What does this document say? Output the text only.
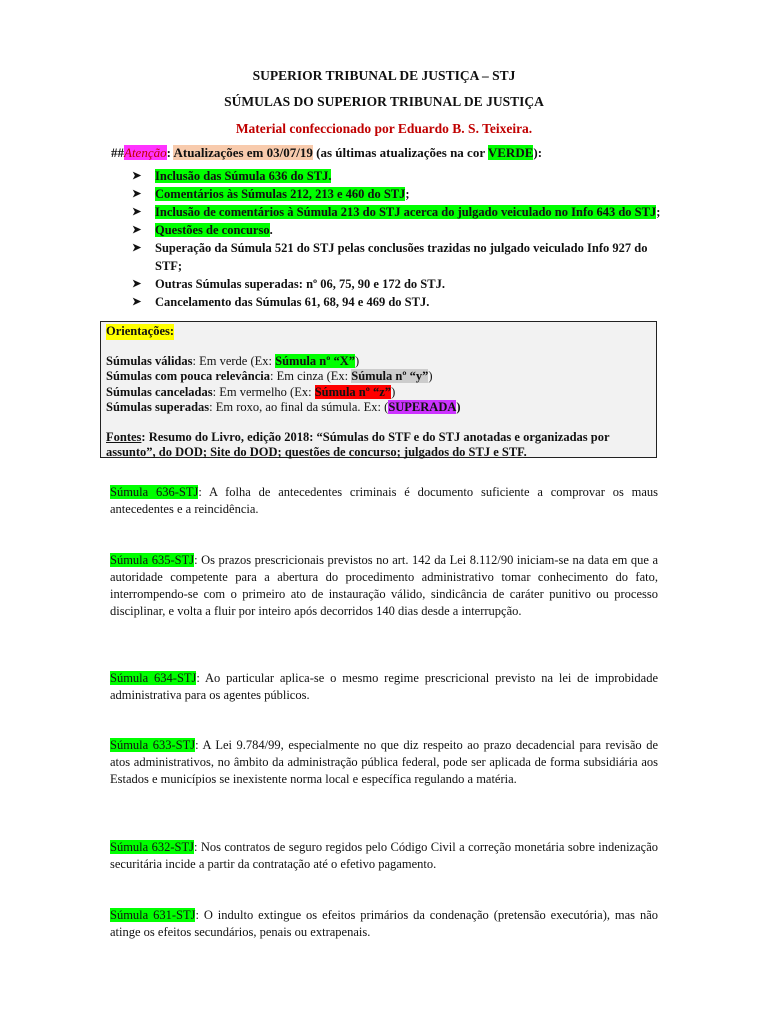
SUPERIOR TRIBUNAL DE JUSTIÇA – STJ
SÚMULAS DO SUPERIOR TRIBUNAL DE JUSTIÇA
Material confeccionado por Eduardo B. S. Teixeira.
##Atenção: Atualizações em 03/07/19 (as últimas atualizações na cor VERDE):
➤ Inclusão das Súmula 636 do STJ.
➤ Comentários às Súmulas 212, 213 e 460 do STJ;
➤ Inclusão de comentários à Súmula 213 do STJ acerca do julgado veiculado no Info 643 do STJ;
➤ Questões de concurso.
➤ Superação da Súmula 521 do STJ pelas conclusões trazidas no julgado veiculado Info 927 do STF;
➤ Outras Súmulas superadas: nº 06, 75, 90 e 172 do STJ.
➤ Cancelamento das Súmulas 61, 68, 94 e 469 do STJ.
Orientações:

Súmulas válidas: Em verde (Ex: Súmula nº “X”)
Súmulas com pouca relevância: Em cinza (Ex: Súmula nº “y”)
Súmulas canceladas: Em vermelho (Ex: Súmula nº “z”)
Súmulas superadas: Em roxo, ao final da súmula. Ex: (SUPERADA)
Fontes: Resumo do Livro, edição 2018: “Súmulas do STF e do STJ anotadas e organizadas por assunto”, do DOD; Site do DOD; questões de concurso; julgados do STJ e STF.
Súmula 636-STJ: A folha de antecedentes criminais é documento suficiente a comprovar os maus antecedentes e a reincidência.
Súmula 635-STJ: Os prazos prescricionais previstos no art. 142 da Lei 8.112/90 iniciam-se na data em que a autoridade competente para a abertura do procedimento administrativo tomar conhecimento do fato, interrompendo-se com o primeiro ato de instauração válido, sindicância de caráter punitivo ou processo disciplinar, e volta a fluir por inteiro após decorridos 140 dias desde a interrupção.
Súmula 634-STJ: Ao particular aplica-se o mesmo regime prescricional previsto na lei de improbidade administrativa para os agentes públicos.
Súmula 633-STJ: A Lei 9.784/99, especialmente no que diz respeito ao prazo decadencial para revisão de atos administrativos, no âmbito da administração pública federal, pode ser aplicada de forma subsidiária aos Estados e municípios se inexistente norma local e específica regulando a matéria.
Súmula 632-STJ: Nos contratos de seguro regidos pelo Código Civil a correção monetária sobre indenização securitária incide a partir da contratação até o efetivo pagamento.
Súmula 631-STJ: O indulto extingue os efeitos primários da condenação (pretensão executória), mas não atinge os efeitos secundários, penais ou extrapenais.
